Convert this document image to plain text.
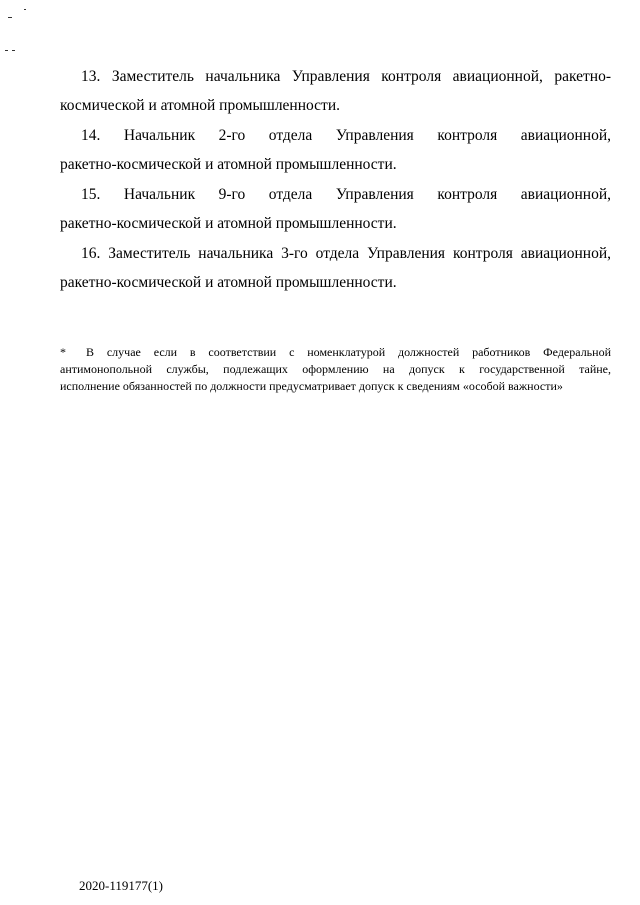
13. Заместитель начальника Управления контроля авиационной, ракетно-
космической и атомной промышленности.
14. Начальник 2-го отдела Управления контроля авиационной,
ракетно-космической и атомной промышленности.
15. Начальник 9-го отдела Управления контроля авиационной,
ракетно-космической и атомной промышленности.
16. Заместитель начальника 3-го отдела Управления контроля авиационной,
ракетно-космической и атомной промышленности.
* В случае если в соответствии с номенклатурой должностей работников Федеральной
антимонопольной службы, подлежащих оформлению на допуск к государственной тайне,
исполнение обязанностей по должности предусматривает допуск к сведениям «особой важности»
2020-119177(1)
